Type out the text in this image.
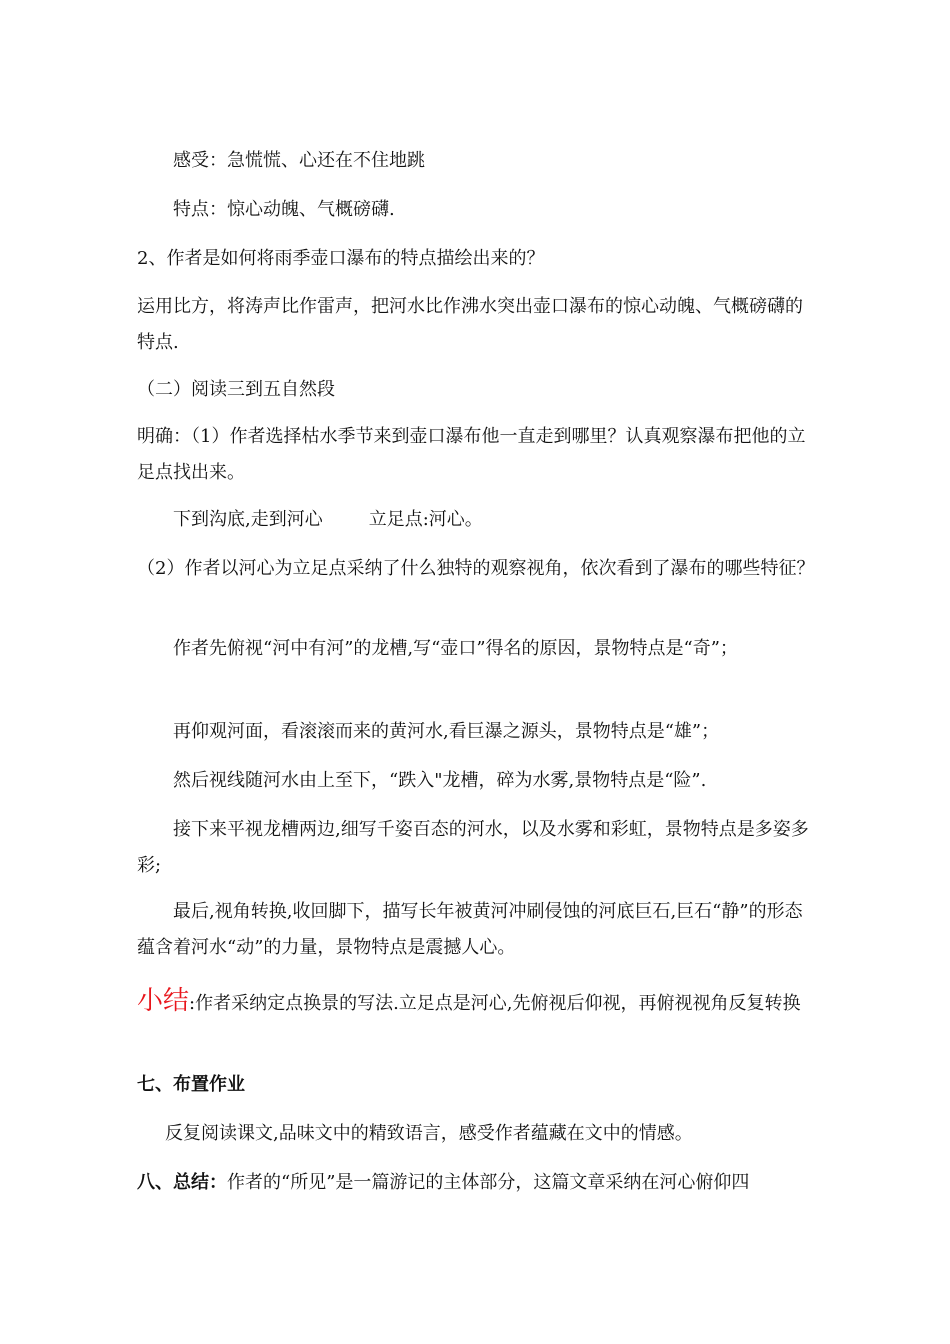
感受：急慌慌、心还在不住地跳
特点：惊心动魄、气概磅礴.
2、作者是如何将雨季壶口瀑布的特点描绘出来的？
运用比方，将涛声比作雷声，把河水比作沸水突出壶口瀑布的惊心动魄、气概磅礴的特点.
（二）阅读三到五自然段
明确：（1）作者选择枯水季节来到壶口瀑布他一直走到哪里？认真观察瀑布把他的立足点找出来。
下到沟底,走到河心	立足点:河心。
（2）作者以河心为立足点采纳了什么独特的观察视角，依次看到了瀑布的哪些特征？
作者先俯视“河中有河”的龙槽,写“壶口”得名的原因，景物特点是“奇”；
再仰观河面，看滚滚而来的黄河水,看巨瀑之源头，景物特点是“雄”；
然后视线随河水由上至下，“跌入"龙槽，碎为水雾,景物特点是“险”.
接下来平视龙槽两边,细写千姿百态的河水，以及水雾和彩虹，景物特点是多姿多彩;
最后,视角转换,收回脚下，描写长年被黄河冲刷侵蚀的河底巨石,巨石“静”的形态蕴含着河水“动”的力量，景物特点是震撼人心。
小结:作者采纳定点换景的写法.立足点是河心,先俯视后仰视，再俯视视角反复转换
七、布置作业
反复阅读课文,品味文中的精致语言，感受作者蕴藏在文中的情感。
八、总结：作者的“所见”是一篇游记的主体部分，这篇文章采纳在河心俯仰四
